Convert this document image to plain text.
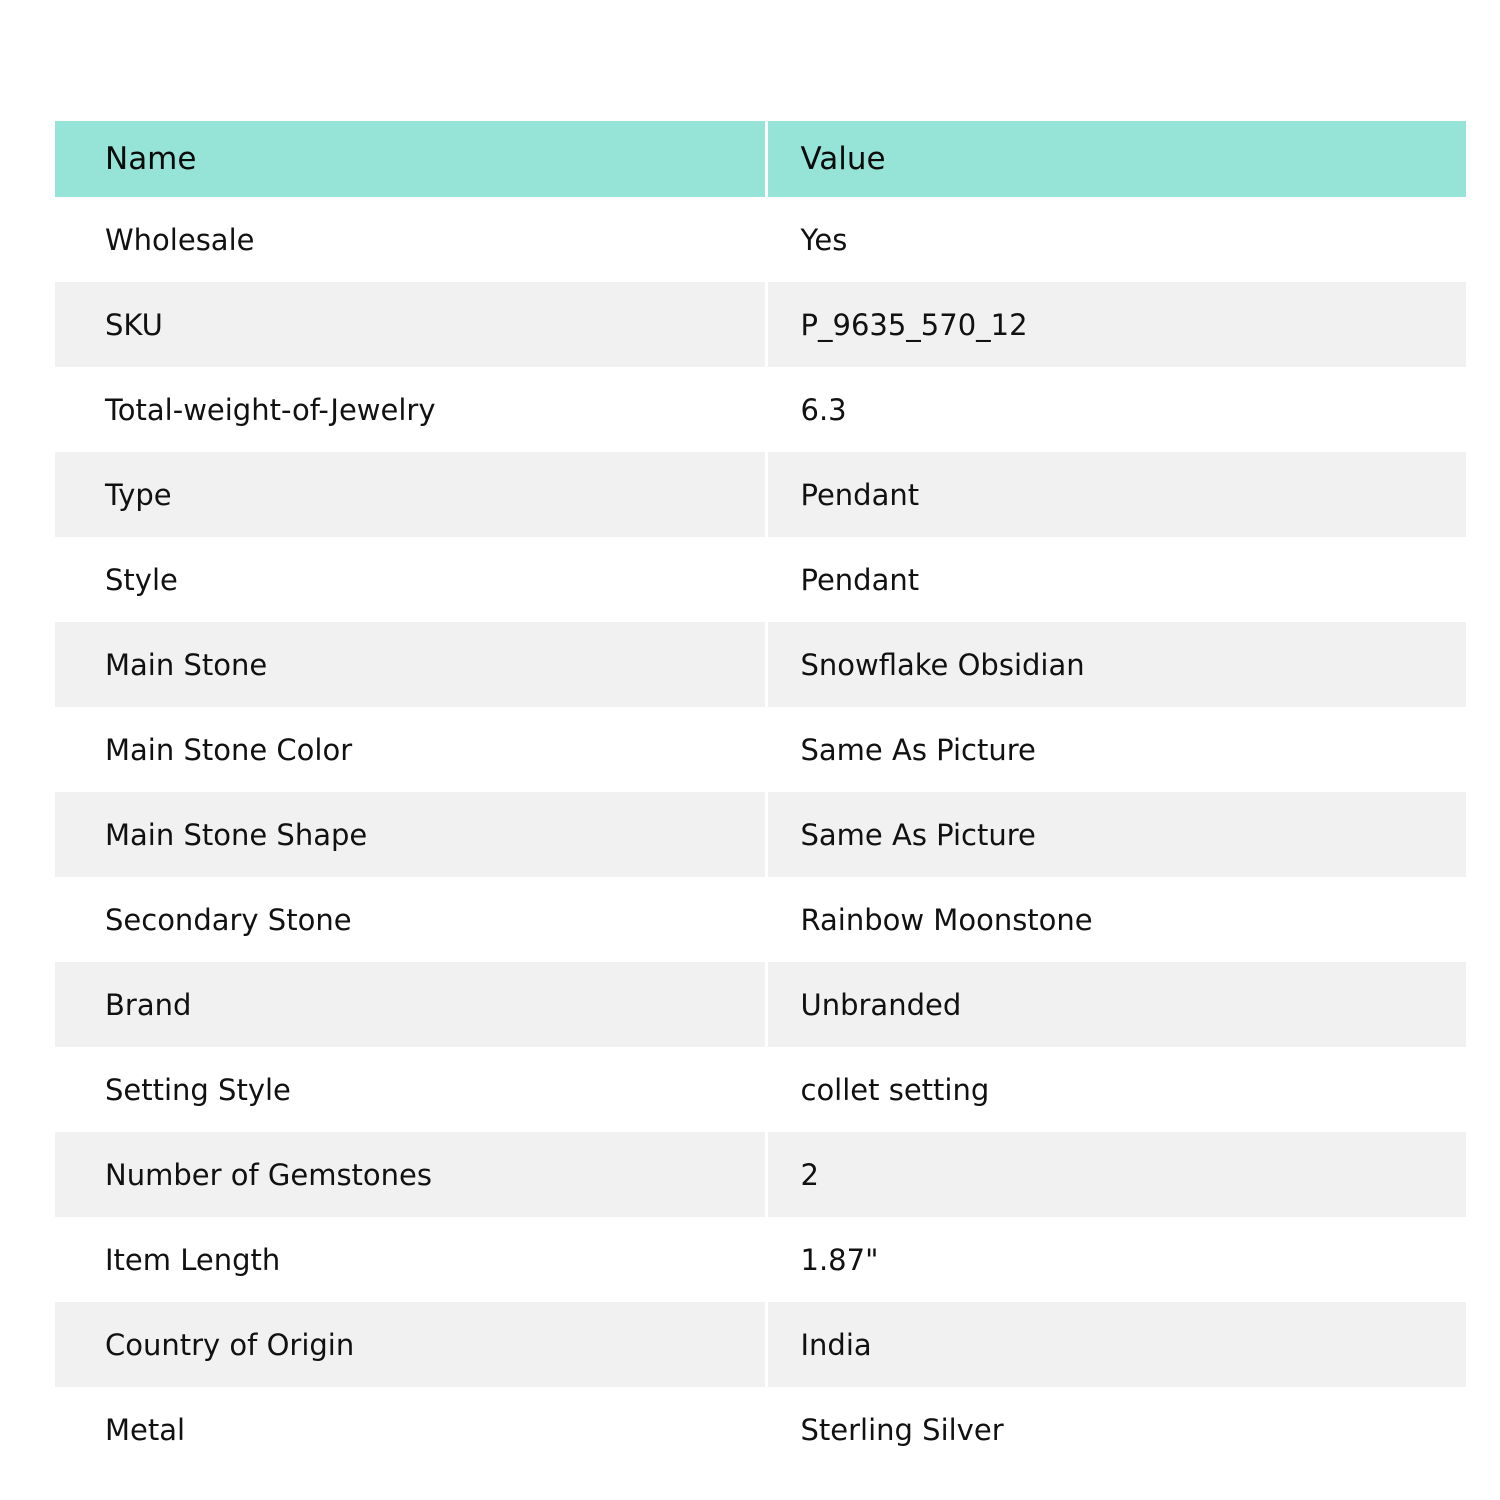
Name	Value
Wholesale	Yes
SKU	P_9635_570_12
Total-weight-of-Jewelry	6.3
Type	Pendant
Style	Pendant
Main Stone	Snowflake Obsidian
Main Stone Color	Same As Picture
Main Stone Shape	Same As Picture
Secondary Stone	Rainbow Moonstone
Brand	Unbranded
Setting Style	collet setting
Number of Gemstones	2
Item Length	1.87"
Country of Origin	India
Metal	Sterling Silver
